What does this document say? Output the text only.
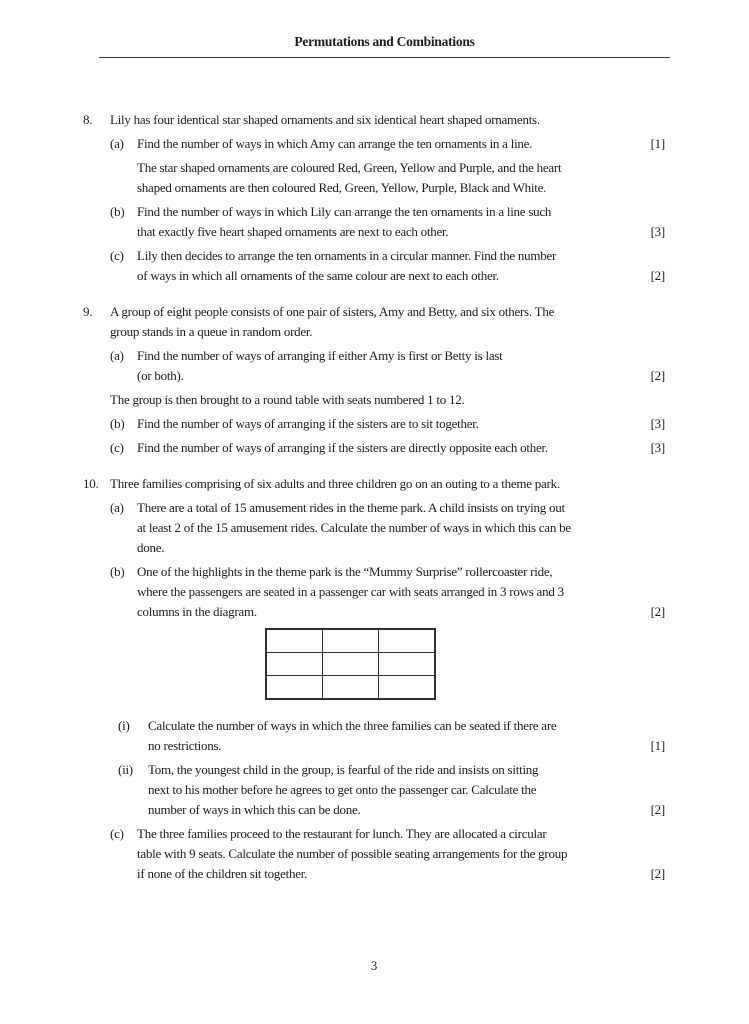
Permutations and Combinations
8.	Lily has four identical star shaped ornaments and six identical heart shaped ornaments.
(a)	Find the number of ways in which Amy can arrange the ten ornaments in a line.	[1]
The star shaped ornaments are coloured Red, Green, Yellow and Purple, and the heart
shaped ornaments are then coloured Red, Green, Yellow, Purple, Black and White.
(b) Find the number of ways in which Lily can arrange the ten ornaments in a line such
that exactly five heart shaped ornaments are next to each other.	[3]
(c)	Lily then decides to arrange the ten ornaments in a circular manner. Find the number
of ways in which all ornaments of the same colour are next to each other.	[2]
9.	A group of eight people consists of one pair of sisters, Amy and Betty, and six others. The
group stands in a queue in random order.
(a)	Find the number of ways of arranging if either Amy is first or Betty is last
(or both).	[2]
The group is then brought to a round table with seats numbered 1 to 12.
(b) Find the number of ways of arranging if the sisters are to sit together.	[3]
(c)	Find the number of ways of arranging if the sisters are directly opposite each other.	[3]
10. Three families comprising of six adults and three children go on an outing to a theme park.
(a)	There are a total of 15 amusement rides in the theme park. A child insists on trying out
at least 2 of the 15 amusement rides. Calculate the number of ways in which this can be
done.
(b) One of the highlights in the theme park is the “Mummy Surprise” rollercoaster ride,
where the passengers are seated in a passenger car with seats arranged in 3 rows and 3
columns in the diagram.	[2]

(i)	Calculate the number of ways in which the three families can be seated if there are
no restrictions.	[1]
(ii)	Tom, the youngest child in the group, is fearful of the ride and insists on sitting
next to his mother before he agrees to get onto the passenger car. Calculate the
number of ways in which this can be done.	[2]
(c)	The three families proceed to the restaurant for lunch. They are allocated a circular
table with 9 seats. Calculate the number of possible seating arrangements for the group
if none of the children sit together.	[2]
3
